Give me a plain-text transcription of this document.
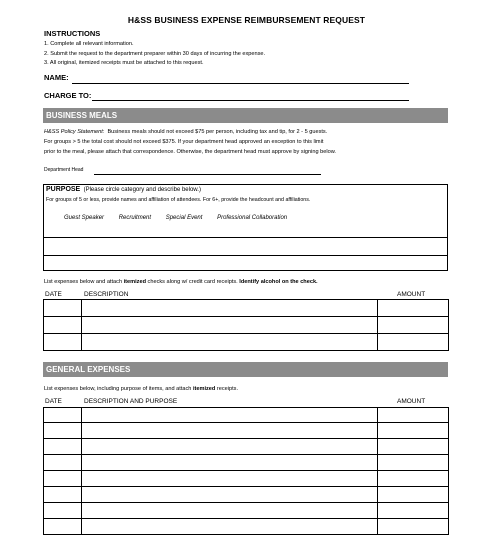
H&SS BUSINESS EXPENSE REIMBURSEMENT REQUEST
INSTRUCTIONS
1. Complete all relevant information.
2. Submit the request to the department preparer within 30 days of incurring the expense.
3. All original, itemized receipts must be attached to this request.
NAME:
CHARGE TO:
BUSINESS MEALS
H&SS Policy Statement: Business meals should not exceed $75 per person, including tax and tip, for 2 - 5 guests.
For groups > 5 the total cost should not exceed $375. If your department head approved an exception to this limit
prior to the meal, please attach that correspondence. Otherwise, the department head must approve by signing below.
Department Head
PURPOSE (Please circle category and describe below.)
For groups of 5 or less, provide names and affiliation of attendees. For 6+, provide the headcount and affiliations.
Guest Speaker Recruitment Special Event Professional Collaboration
List expenses below and attach itemized checks along w/ credit card receipts. Identify alcohol on the check.
DATE	DESCRIPTION	AMOUNT

GENERAL EXPENSES
List expenses below, including purpose of items, and attach itemized receipts.
DATE	DESCRIPTION AND PURPOSE	AMOUNT
